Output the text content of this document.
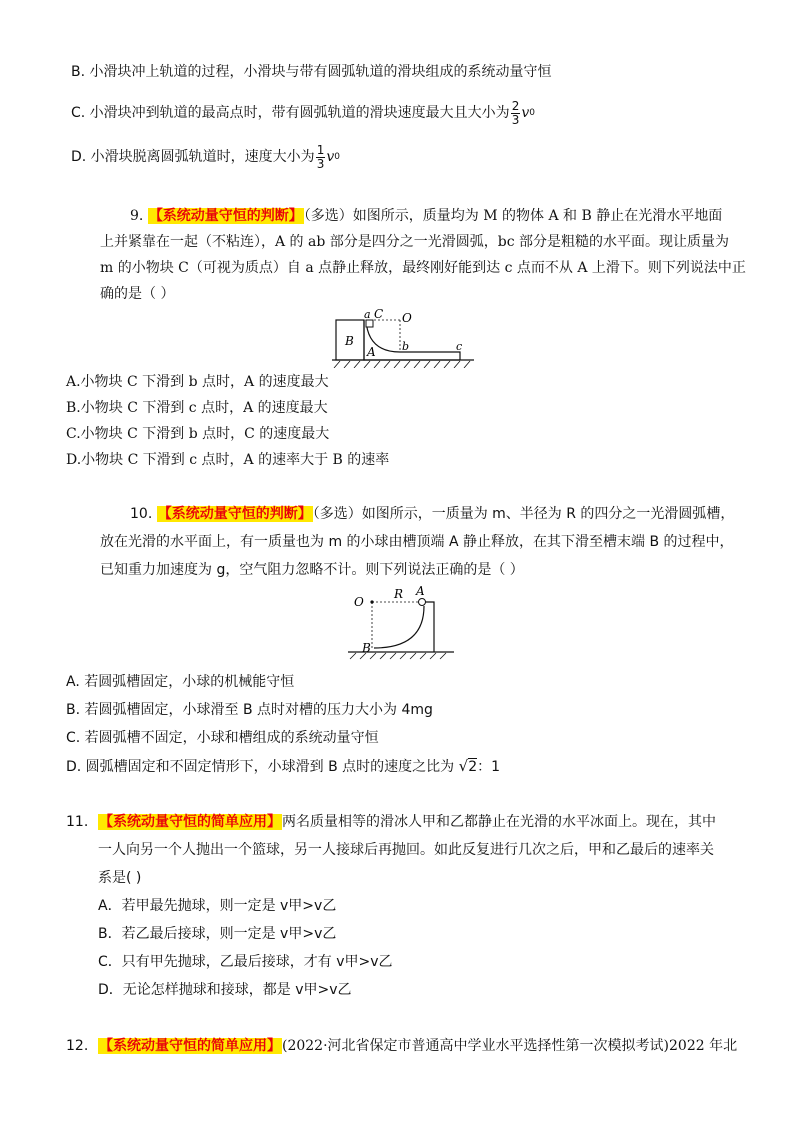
B. 小滑块冲上轨道的过程，小滑块与带有圆弧轨道的滑块组成的系统动量守恒
C. 小滑块冲到轨道的最高点时，带有圆弧轨道的滑块速度最大且大小为 $\frac{2}{3}$ v 0
D. 小滑块脱离圆弧轨道时，速度大小为 $\frac{1}{3}$ v 0
9. 【系统动量守恒的判断】（多选）如图所示，质量均为 M 的物体 A 和 B 静止在光滑水平地面
上并紧靠在一起（不粘连），A 的 ab 部分是四分之一光滑圆弧，bc 部分是粗糙的水平面。现让质量为
m 的小物块 C（可视为质点）自 a 点静止释放，最终刚好能到达 c 点而不从 A 上滑下。则下列说法中正
确的是（ ）
B
a C O
A b	c
A.小物块 C 下滑到 b 点时，A 的速度最大
B.小物块 C 下滑到 c 点时，A 的速度最大
C.小物块 C 下滑到 b 点时，C 的速度最大
D.小物块 C 下滑到 c 点时，A 的速率大于 B 的速率
10. 【系统动量守恒的判断】（多选）如图所示，一质量为 m、半径为 R 的四分之一光滑圆弧槽，
放在光滑的水平面上，有一质量也为 m 的小球由槽顶端 A 静止释放，在其下滑至槽末端 B 的过程中，
已知重力加速度为 g，空气阻力忽略不计。则下列说法正确的是（ ）
O
R A
B
A. 若圆弧槽固定，小球的机械能守恒
B. 若圆弧槽固定，小球滑至 B 点时对槽的压力大小为 4mg
C. 若圆弧槽不固定，小球和槽组成的系统动量守恒
D. 圆弧槽固定和不固定情形下，小球滑到 B 点时的速度之比为 √2：1
11. 【系统动量守恒的简单应用】两名质量相等的滑冰人甲和乙都静止在光滑的水平冰面上。现在，其中
一人向另一个人抛出一个篮球，另一人接球后再抛回。如此反复进行几次之后，甲和乙最后的速率关
系是( )
A．若甲最先抛球，则一定是 v甲>v乙
B．若乙最后接球，则一定是 v甲>v乙
C．只有甲先抛球，乙最后接球，才有 v甲>v乙
D．无论怎样抛球和接球，都是 v甲>v乙
12. 【系统动量守恒的简单应用】(2022·河北省保定市普通高中学业水平选择性第一次模拟考试)2022 年北
